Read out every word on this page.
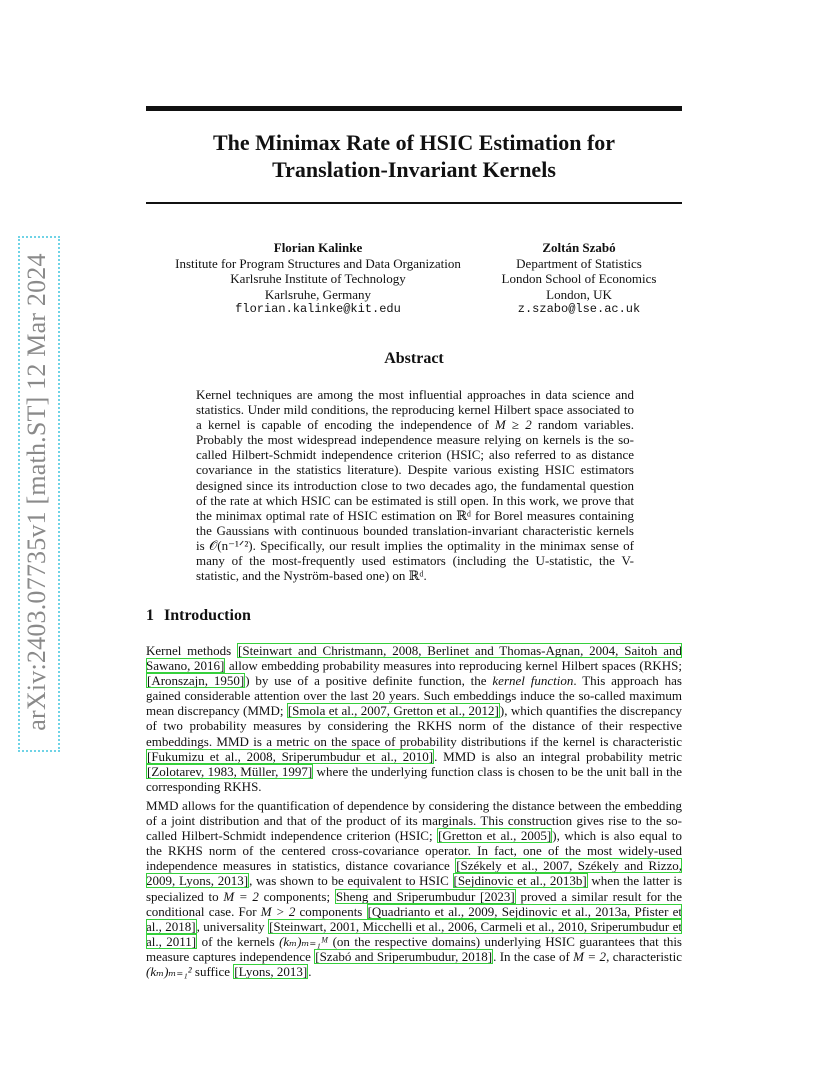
arXiv:2403.07735v1 [math.ST] 12 Mar 2024
The Minimax Rate of HSIC Estimation for
Translation-Invariant Kernels
Florian Kalinke
Institute for Program Structures and Data Organization
Karlsruhe Institute of Technology
Karlsruhe, Germany
florian.kalinke@kit.edu
Zoltán Szabó
Department of Statistics
London School of Economics
London, UK
z.szabo@lse.ac.uk
Abstract
Kernel techniques are among the most influential approaches in data science and statistics. Under mild conditions, the reproducing kernel Hilbert space associated to a kernel is capable of encoding the independence of M ≥ 2 random variables. Probably the most widespread independence measure relying on kernels is the so-called Hilbert-Schmidt independence criterion (HSIC; also referred to as distance covariance in the statistics literature). Despite various existing HSIC estimators designed since its introduction close to two decades ago, the fundamental question of the rate at which HSIC can be estimated is still open. In this work, we prove that the minimax optimal rate of HSIC estimation on ℝᵈ for Borel measures containing the Gaussians with continuous bounded translation-invariant characteristic kernels is 𝒪(n⁻¹ᐟ²). Specifically, our result implies the optimality in the minimax sense of many of the most-frequently used estimators (including the U-statistic, the V-statistic, and the Nyström-based one) on ℝᵈ.
1 Introduction
Kernel methods [Steinwart and Christmann, 2008, Berlinet and Thomas-Agnan, 2004, Saitoh and Sawano, 2016] allow embedding probability measures into reproducing kernel Hilbert spaces (RKHS; [Aronszajn, 1950]) by use of a positive definite function, the kernel function. This approach has gained considerable attention over the last 20 years. Such embeddings induce the so-called maximum mean discrepancy (MMD; [Smola et al., 2007, Gretton et al., 2012]), which quantifies the discrepancy of two probability measures by considering the RKHS norm of the distance of their respective embeddings. MMD is a metric on the space of probability distributions if the kernel is characteristic [Fukumizu et al., 2008, Sriperumbudur et al., 2010]. MMD is also an integral probability metric [Zolotarev, 1983, Müller, 1997] where the underlying function class is chosen to be the unit ball in the corresponding RKHS.
MMD allows for the quantification of dependence by considering the distance between the embedding of a joint distribution and that of the product of its marginals. This construction gives rise to the so-called Hilbert-Schmidt independence criterion (HSIC; [Gretton et al., 2005]), which is also equal to the RKHS norm of the centered cross-covariance operator. In fact, one of the most widely-used independence measures in statistics, distance covariance [Székely et al., 2007, Székely and Rizzo, 2009, Lyons, 2013], was shown to be equivalent to HSIC [Sejdinovic et al., 2013b] when the latter is specialized to M = 2 components; Sheng and Sriperumbudur [2023] proved a similar result for the conditional case. For M > 2 components [Quadrianto et al., 2009, Sejdinovic et al., 2013a, Pfister et al., 2018], universality [Steinwart, 2001, Micchelli et al., 2006, Carmeli et al., 2010, Sriperumbudur et al., 2011] of the kernels (kₘ)ₘ₌₁ᴹ (on the respective domains) underlying HSIC guarantees that this measure captures independence [Szabó and Sriperumbudur, 2018]. In the case of M = 2, characteristic (kₘ)ₘ₌₁² suffice [Lyons, 2013].
